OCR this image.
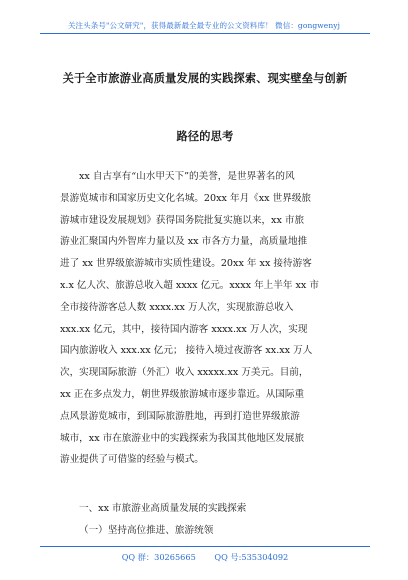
关注头条号"公文研究"，获得最新最全最专业的公文资料库！ 微信：gongwenyj
关于全市旅游业高质量发展的实践探索、现实壁垒与创新
路径的思考
xx 自古享有“山水甲天下”的美誉，是世界著名的风
景游览城市和国家历史文化名城。20xx 年月《xx 世界级旅
游城市建设发展规划》获得国务院批复实施以来，xx 市旅
游业汇聚国内外智库力量以及 xx 市各方力量，高质量地推
进了 xx 世界级旅游城市实质性建设。20xx 年 xx 接待游客
x.x 亿人次、旅游总收入超 xxxx 亿元。xxxx 年上半年 xx 市
全市接待游客总人数 xxxx.xx 万人次，实现旅游总收入
xxx.xx 亿元，其中，接待国内游客 xxxx.xx 万人次，实现
国内旅游收入 xxx.xx 亿元； 接待入境过夜游客 xx.xx 万人
次，实现国际旅游（外汇）收入 xxxxx.xx 万美元。目前，
xx 正在多点发力，朝世界级旅游城市逐步靠近。从国际重
点风景游览城市，到国际旅游胜地，再到打造世界级旅游
城市，xx 市在旅游业中的实践探索为我国其他地区发展旅
游业提供了可借鉴的经验与模式。
一、xx 市旅游业高质量发展的实践探索
（一）坚持高位推进、旅游统领
QQ 群：30265665 QQ 号:535304092
